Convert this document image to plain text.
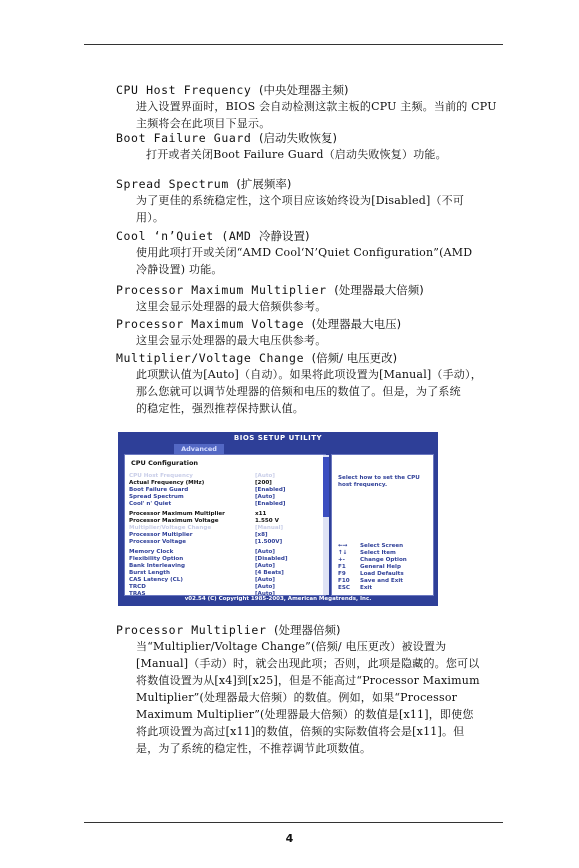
CPU Host Frequency (中央处理器主频)
进入设置界面时，BIOS 会自动检测这款主板的CPU 主频。当前的 CPU
主频将会在此项目下显示。
Boot Failure Guard (启动失败恢复)
打开或者关闭Boot Failure Guard（启动失败恢复）功能。
Spread Spectrum (扩展频率)
为了更佳的系统稳定性，这个项目应该始终设为[Disabled]（不可
用）。
Cool ‘n’Quiet (AMD 冷静设置)
使用此项打开或关闭“AMD Cool‘N’Quiet Configuration”(AMD
冷静设置) 功能。
Processor Maximum Multiplier (处理器最大倍频)
这里会显示处理器的最大倍频供参考。
Processor Maximum Voltage (处理器最大电压)
这里会显示处理器的最大电压供参考。
Multiplier/Voltage Change (倍频/ 电压更改)
此项默认值为[Auto]（自动）。如果将此项设置为[Manual]（手动），
那么您就可以调节处理器的倍频和电压的数值了。但是，为了系统
的稳定性，强烈推荐保持默认值。
BIOS SETUP UTILITY
Advanced
CPU Configuration
CPU Host Frequency	[Auto]
Actual Frequency (MHz)	[200]
Boot Failure Guard	[Enabled]
Spread Spectrum	[Auto]
Cool' n' Quiet	[Enabled]
Processor Maximum Multiplier	x11
Processor Maximum Voltage	1.550 V
Multiplier/Voltage Change	[Manual]
Processor Multiplier	[x8]
Processor Voltage	[1.500V]
Memory Clock	[Auto]
Flexibility Option	[Disabled]
Bank Interleaving	[Auto]
Burst Length	[4 Beats]
CAS Latency (CL)	[Auto]
TRCD	[Auto]
TRAS	[Auto]
Select how to set the CPU host frequency.
←→ Select Screen
↑↓ Select Item
+-	Change Option
F1	General Help
F9	Load Defaults
F10 Save and Exit
ESC Exit
v02.54 (C) Copyright 1985-2003, American Megatrends, Inc.
Processor Multiplier (处理器倍频)
当“Multiplier/Voltage Change”(倍频/ 电压更改）被设置为
[Manual]（手动）时，就会出现此项；否则，此项是隐藏的。您可以
将数值设置为从[x4]到[x25]，但是不能高过“Processor Maximum
Multiplier”(处理器最大倍频）的数值。例如，如果“Processor
Maximum Multiplier”(处理器最大倍频）的数值是[x11]，即使您
将此项设置为高过[x11]的数值，倍频的实际数值将会是[x11]。但
是，为了系统的稳定性，不推荐调节此项数值。
4
